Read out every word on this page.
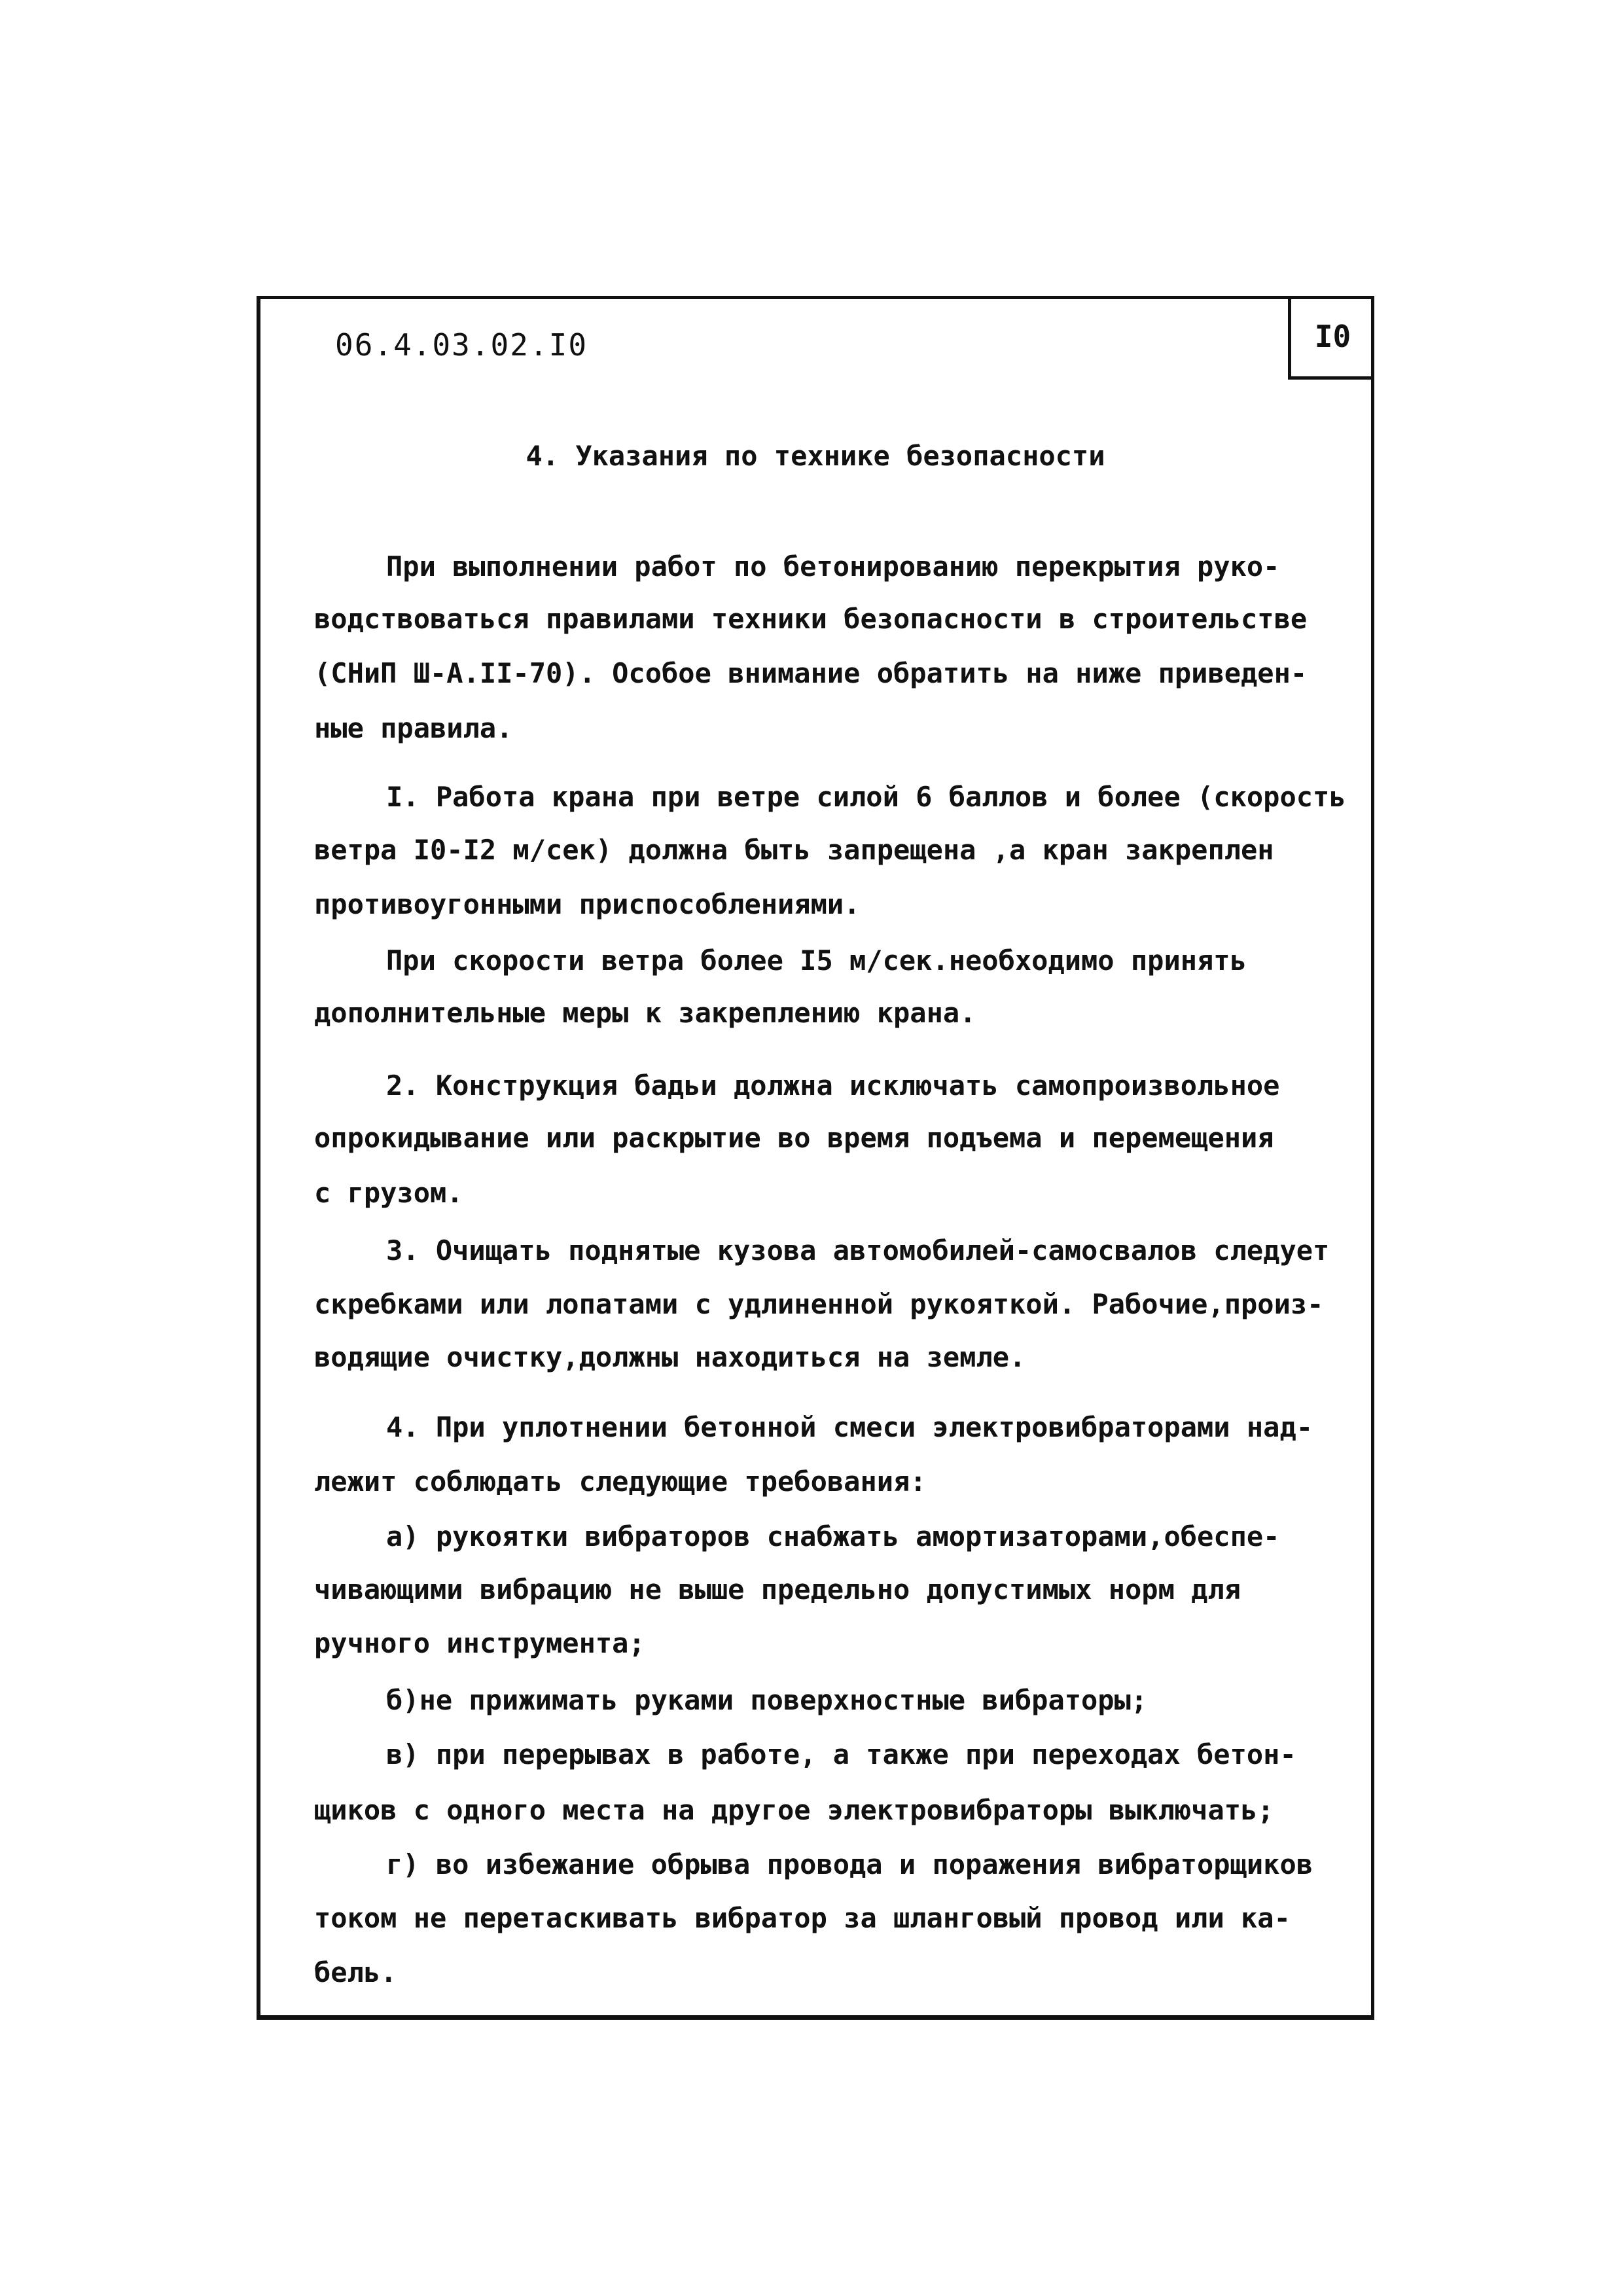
06.4.03.02.I0	I0
4. Указания по технике безопасности
При выполнении работ по бетонированию перекрытия руко-
водствоваться правилами техники безопасности в строительстве
(СНиП Ш-А.II-70). Особое внимание обратить на ниже приведен-
ные правила.
I. Работа крана при ветре силой 6 баллов и более (скорость
ветра I0-I2 м/сек) должна быть запрещена ,а кран закреплен
противоугонными приспособлениями.
При скорости ветра более I5 м/сек.необходимо принять
дополнительные меры к закреплению крана.
2. Конструкция бадьи должна исключать самопроизвольное
опрокидывание или раскрытие во время подъема и перемещения
с грузом.
3. Очищать поднятые кузова автомобилей-самосвалов следует
скребками или лопатами с удлиненной рукояткой. Рабочие,произ-
водящие очистку,должны находиться на земле.
4. При уплотнении бетонной смеси электровибраторами над-
лежит соблюдать следующие требования:
а) рукоятки вибраторов снабжать амортизаторами,обеспе-
чивающими вибрацию не выше предельно допустимых норм для
ручного инструмента;
б)не прижимать руками поверхностные вибраторы;
в) при перерывах в работе, а также при переходах бетон-
щиков с одного места на другое электровибраторы выключать;
г) во избежание обрыва провода и поражения вибраторщиков
током не перетаскивать вибратор за шланговый провод или ка-
бель.
